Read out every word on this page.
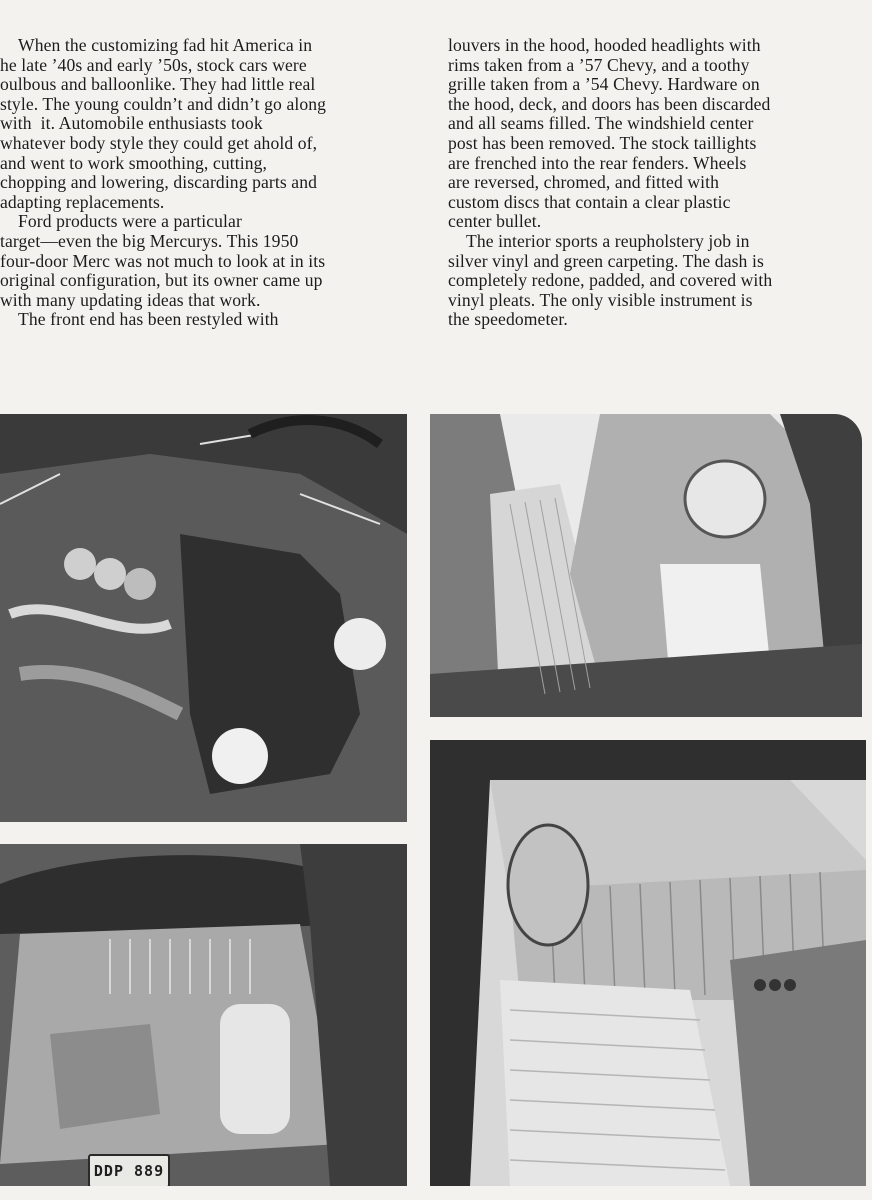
When the customizing fad hit America in

he late ’40s and early ’50s, stock cars were

oulbous and balloonlike. They had little real

style. The young couldn’t and didn’t go along

with  it. Automobile enthusiasts took

whatever body style they could get ahold of,

and went to work smoothing, cutting,

chopping and lowering, discarding parts and

adapting replacements.

Ford products were a particular

target—even the big Mercurys. This 1950

four-door Merc was not much to look at in its

original configuration, but its owner came up

with many updating ideas that work.

The front end has been restyled with

louvers in the hood, hooded headlights with

rims taken from a ’57 Chevy, and a toothy

grille taken from a ’54 Chevy. Hardware on

the hood, deck, and doors has been discarded

and all seams filled. The windshield center

post has been removed. The stock taillights

are frenched into the rear fenders. Wheels

are reversed, chromed, and fitted with

custom discs that contain a clear plastic

center bullet.

The interior sports a reupholstery job in

silver vinyl and green carpeting. The dash is

completely redone, padded, and covered with

vinyl pleats. The only visible instrument is

the speedometer.

DDP 889
